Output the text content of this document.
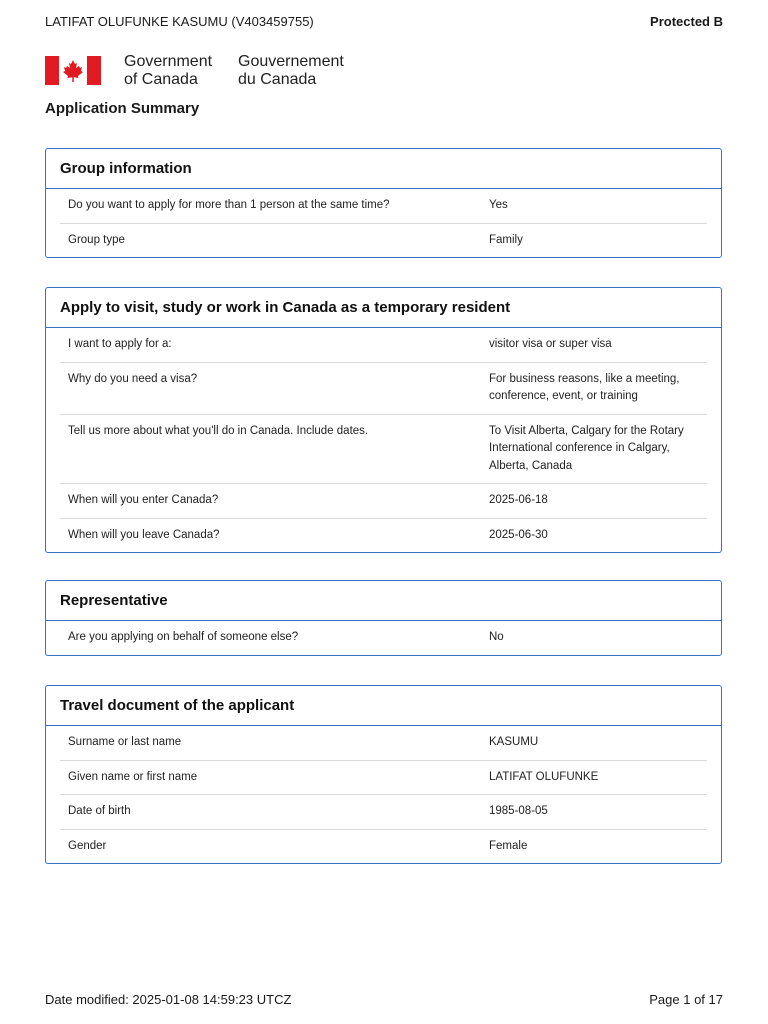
LATIFAT OLUFUNKE KASUMU (V403459755)	Protected B
Government
of Canada
Gouvernement
du Canada
Application Summary
Group information
Do you want to apply for more than 1 person at the same time?	Yes
Group type	Family
Apply to visit, study or work in Canada as a temporary resident
I want to apply for a:	visitor visa or super visa
Why do you need a visa?	For business reasons, like a meeting, conference, event, or training
Tell us more about what you'll do in Canada. Include dates.	To Visit Alberta, Calgary for the Rotary International conference in Calgary, Alberta, Canada
When will you enter Canada?	2025-06-18
When will you leave Canada?	2025-06-30
Representative
Are you applying on behalf of someone else?	No
Travel document of the applicant
Surname or last name	KASUMU
Given name or first name	LATIFAT OLUFUNKE
Date of birth	1985-08-05
Gender	Female
Date modified: 2025-01-08 14:59:23 UTCZ	Page 1 of 17
